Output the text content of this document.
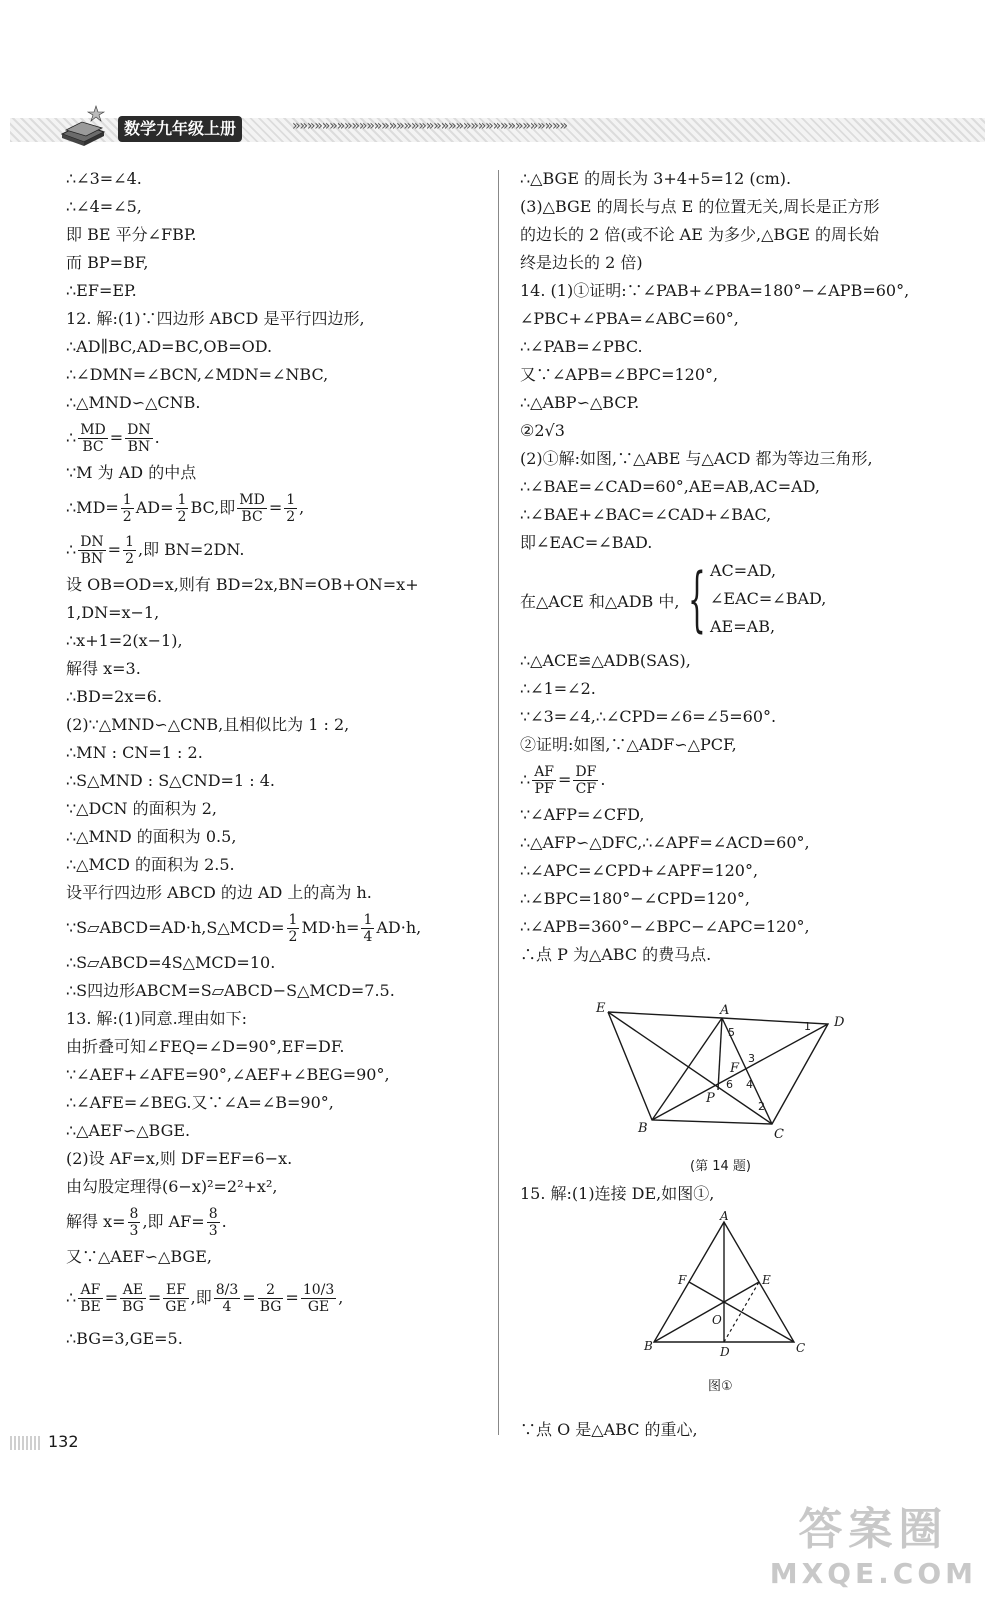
数学九年级上册	»»»»»»»»»»»»»»»»»»»»»»»»»»»»»»»»»»»»»
∴∠3=∠4.
∴∠4=∠5,
即 BE 平分∠FBP.
而 BP=BF,
∴EF=EP.
12. 解:(1)∵四边形 ABCD 是平行四边形,
∴AD∥BC,AD=BC,OB=OD.
∴∠DMN=∠BCN,∠MDN=∠NBC,
∴△MND∽△CNB.
∴ $\frac{MD}{BC} = \frac{DN}{BN}$ .
∵M 为 AD 的中点
∴MD= $\frac{1}{2} AD= \frac{1}{2}$ BC,即 $\frac{MD}{BC} = \frac{1}{2}$ ,
∴ $\frac{DN}{BN} = \frac{1}{2}$ ,即 BN=2DN.
设 OB=OD=x,则有 BD=2x,BN=OB+ON=x+
1,DN=x−1,
∴x+1=2(x−1),
解得 x=3.
∴BD=2x=6.
(2)∵△MND∽△CNB,且相似比为 1 : 2,
∴MN : CN=1 : 2.
∴S△MND : S△CND=1 : 4.
∵△DCN 的面积为 2,
∴△MND 的面积为 0.5,
∴△MCD 的面积为 2.5.
设平行四边形 ABCD 的边 AD 上的高为 h.
∵S▱ABCD=AD·h,S△MCD= $\frac{1}{2} MD\cdot h= \frac{1}{4} AD\cdot h$,
∴S▱ABCD=4S△MCD=10.
∴S四边形ABCM=S▱ABCD−S△MCD=7.5.
13. 解:(1)同意.理由如下:
由折叠可知∠FEQ=∠D=90°,EF=DF.
∵∠AEF+∠AFE=90°,∠AEF+∠BEG=90°,
∴∠AFE=∠BEG.又∵∠A=∠B=90°,
∴△AEF∽△BGE.
(2)设 AF=x,则 DF=EF=6−x.
由勾股定理得(6−x)²=2²+x²,
解得 $x= \frac{8}{3}$ ,即 $AF= \frac{8}{3}$ .
又∵△AEF∽△BGE,
∴ $\frac{AF}{BE} = \frac{AE}{BG} = \frac{EF}{GE}$ ,即 $\frac{8/3}{4} = \frac{2}{BG} = \frac{10/3}{GE}$ ,
∴BG=3,GE=5.
∴△BGE 的周长为 3+4+5=12 (cm).
(3)△BGE 的周长与点 E 的位置无关,周长是正方形
的边长的 2 倍(或不论 AE 为多少,△BGE 的周长始
终是边长的 2 倍)
14. (1)①证明:∵∠PAB+∠PBA=180°−∠APB=60°,
∠PBC+∠PBA=∠ABC=60°,
∴∠PAB=∠PBC.
又∵∠APB=∠BPC=120°,
∴△ABP∽△BCP.
②2√3
(2)①解:如图,∵△ABE 与△ACD 都为等边三角形,
∴∠BAE=∠CAD=60°,AE=AB,AC=AD,
∴∠BAE+∠BAC=∠CAD+∠BAC,
即∠EAC=∠BAD.
在△ACE 和△ADB 中, { AC=AD,
∠EAC=∠BAD,
AE=AB,
∴△ACE≌△ADB(SAS),
∴∠1=∠2.
∵∠3=∠4,∴∠CPD=∠6=∠5=60°.
②证明:如图,∵△ADF∽△PCF,
∴ $\frac{AF}{PF} = \frac{DF}{CF}$ .
∵∠AFP=∠CFD,
∴△AFP∽△DFC,∴∠APF=∠ACD=60°,
∴∠APC=∠CPD+∠APF=120°,
∴∠BPC=180°−∠CPD=120°,
∴∠APB=360°−∠BPC−∠APC=120°,
∴点 P 为△ABC 的费马点.
E	A
D
F
P
B	C
1
2
3
4
5
6
(第 14 题)
15. 解:(1)连接 DE,如图①,
A
F	E
O
B	D	C
图①
∵点 O 是△ABC 的重心,
132
答案圈
MXQE.COM
